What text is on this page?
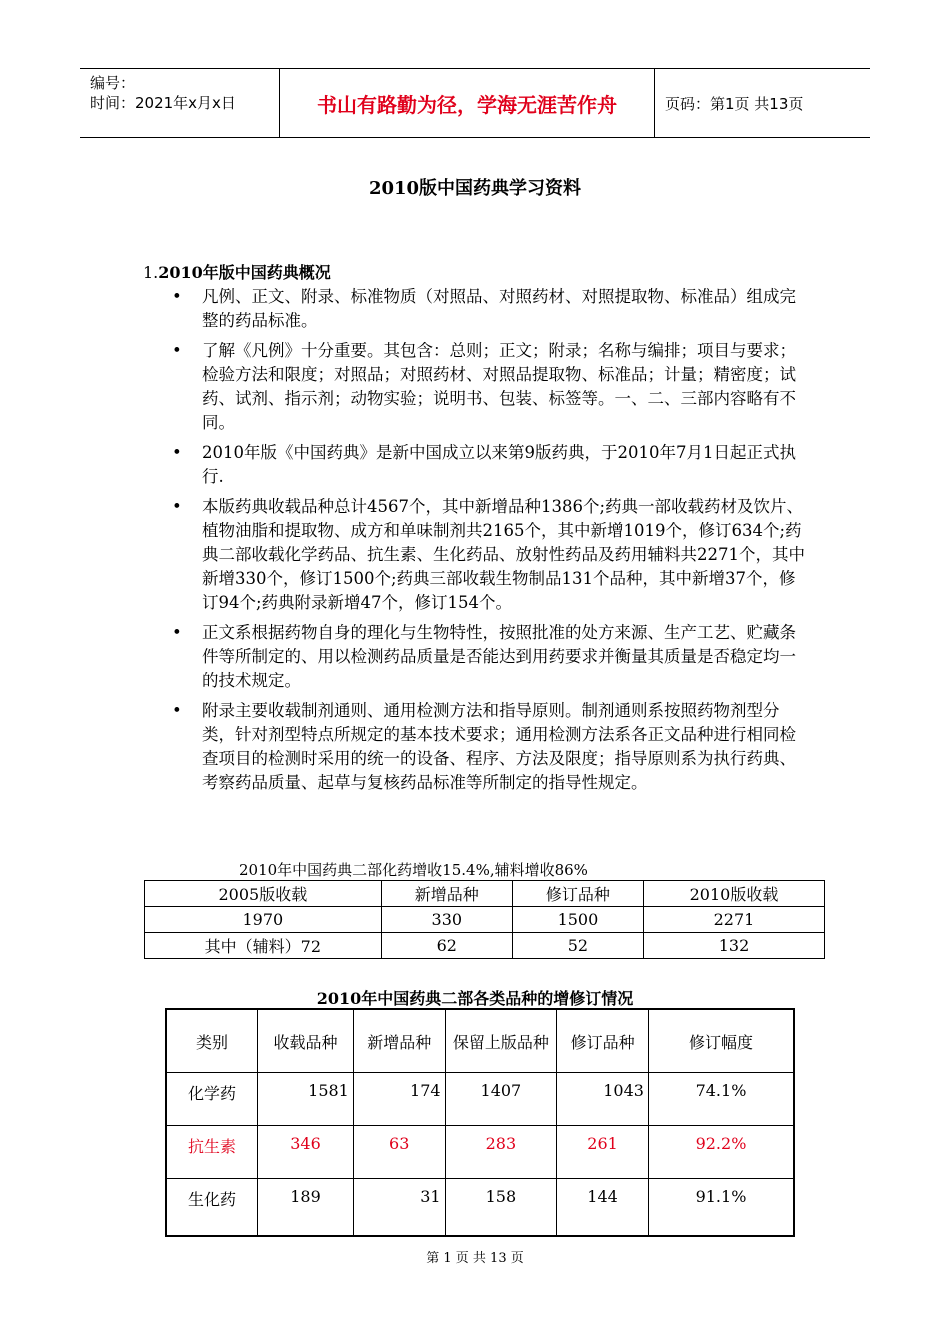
编号：
时间：2021年x月x日	书山有路勤为径，学海无涯苦作舟	页码：第1页 共13页
2010版中国药典学习资料
1.2010年版中国药典概况
• 凡例、正文、附录、标准物质（对照品、对照药材、对照提取物、标准品）组成完整的药品标准。
• 了解《凡例》十分重要。其包含：总则；正文；附录；名称与编排；项目与要求；检验方法和限度；对照品；对照药材、对照品提取物、标准品；计量；精密度；试药、试剂、指示剂；动物实验；说明书、包装、标签等。一、二、三部内容略有不同。
• 2010年版《中国药典》是新中国成立以来第9版药典，于2010年7月1日起正式执行.
• 本版药典收载品种总计4567个，其中新增品种1386个;药典一部收载药材及饮片、植物油脂和提取物、成方和单味制剂共2165个，其中新增1019个，修订634个;药典二部收载化学药品、抗生素、生化药品、放射性药品及药用辅料共2271个，其中新增330个，修订1500个;药典三部收载生物制品131个品种，其中新增37个，修订94个;药典附录新增47个，修订154个。
• 正文系根据药物自身的理化与生物特性，按照批准的处方来源、生产工艺、贮藏条件等所制定的、用以检测药品质量是否能达到用药要求并衡量其质量是否稳定均一的技术规定。
• 附录主要收载制剂通则、通用检测方法和指导原则。制剂通则系按照药物剂型分类，针对剂型特点所规定的基本技术要求；通用检测方法系各正文品种进行相同检查项目的检测时采用的统一的设备、程序、方法及限度；指导原则系为执行药典、考察药品质量、起草与复核药品标准等所制定的指导性规定。
2010年中国药典二部化药增收15.4%,辅料增收86%
2005版收载	新增品种	修订品种	2010版收载
1970	330	1500	2271
其中（辅料）72	62	52	132
2010年中国药典二部各类品种的增修订情况
类别	收载品种	新增品种	保留上版品种	修订品种	修订幅度
化学药	1581	174	1407	1043	74.1%
抗生素	346	63	283	261	92.2%
生化药	189	31	158	144	91.1%
第 1 页 共 13 页
